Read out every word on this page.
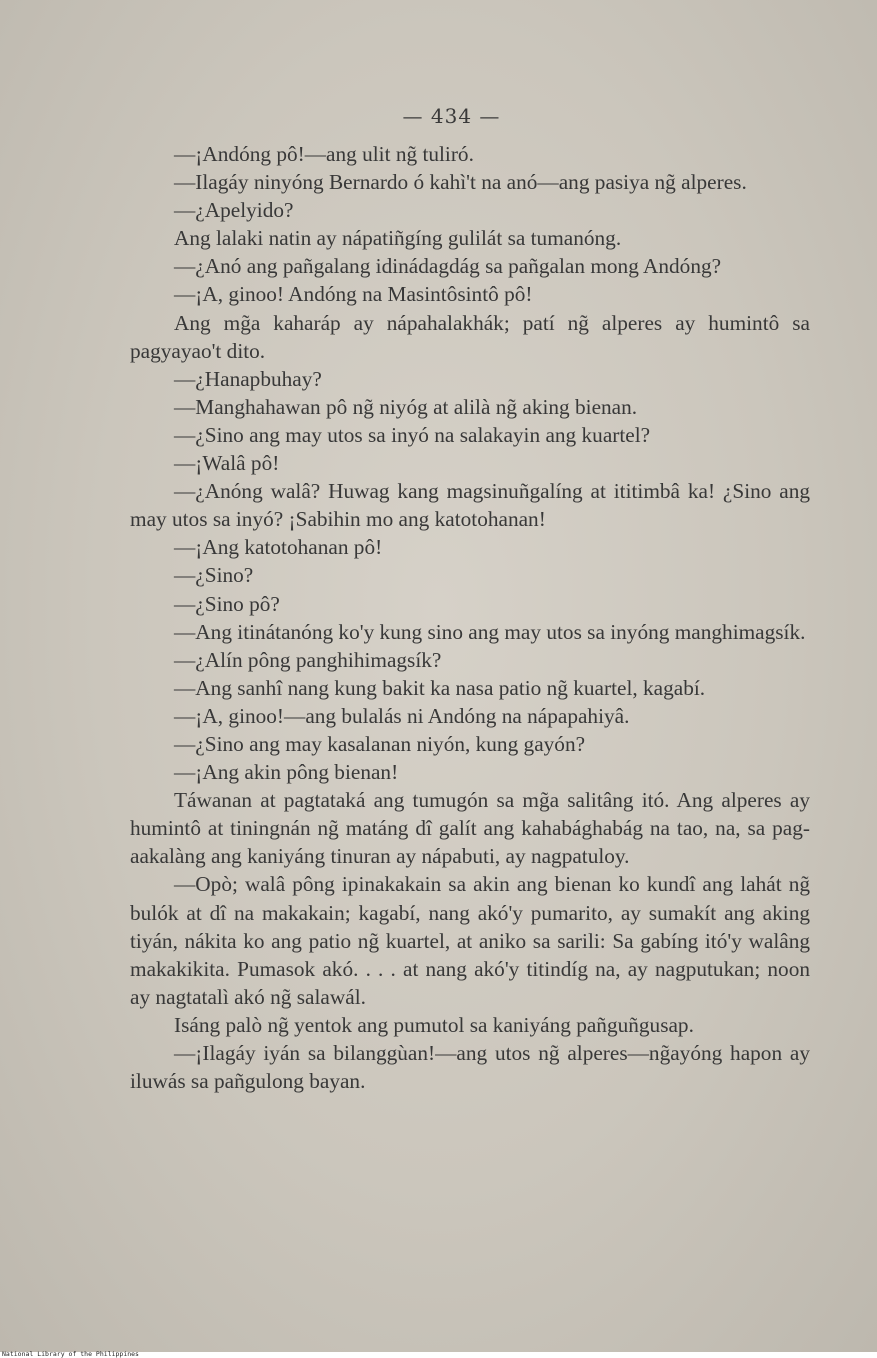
— 434 —

—¡Andóng pô!—ang ulit ng̃ tuliró.

—Ilagáy ninyóng Bernardo ó kahì't na anó—ang pasiya ng̃ alperes.

—¿Apelyido?

Ang lalaki natin ay nápatiñgíng gulilát sa tumanóng.

—¿Anó ang pañgalang idinádagdág sa pañgalan mong Andóng?

—¡A, ginoo! Andóng na Masintôsintô pô!

Ang mg̃a kaharáp ay nápahalakhák; patí ng̃ alperes ay humintô sa pagyayao't dito.

—¿Hanapbuhay?

—Manghahawan pô ng̃ niyóg at alilà ng̃ aking bienan.

—¿Sino ang may utos sa inyó na salakayin ang kuartel?

—¡Walâ pô!

—¿Anóng walâ? Huwag kang magsinuñgalíng at ititimbâ ka! ¿Sino ang may utos sa inyó? ¡Sabihin mo ang katotohanan!

—¡Ang katotohanan pô!

—¿Sino?

—¿Sino pô?

—Ang itinátanóng ko'y kung sino ang may utos sa inyóng manghimagsík.

—¿Alín pông panghihimagsík?

—Ang sanhî nang kung bakit ka nasa patio ng̃ kuartel, kagabí.

—¡A, ginoo!—ang bulalás ni Andóng na nápapahiyâ.

—¿Sino ang may kasalanan niyón, kung gayón?

—¡Ang akin pông bienan!

Táwanan at pagtataká ang tumugón sa mg̃a salitâng itó. Ang alperes ay humintô at tiningnán ng̃ matáng dî galít ang kahabághabág na tao, na, sa pag-aakalàng ang kaniyáng tinuran ay nápabuti, ay nagpatuloy.

—Opò; walâ pông ipinakakain sa akin ang bienan ko kundî ang lahát ng̃ bulók at dî na makakain; kagabí, nang akó'y pumarito, ay sumakít ang aking tiyán, nákita ko ang patio ng̃ kuartel, at aniko sa sarili: Sa gabíng itó'y walâng makakikita. Pumasok akó. . . . at nang akó'y titindíg na, ay nagputukan; noon ay nagtatalì akó ng̃ salawál.

Isáng palò ng̃ yentok ang pumutol sa kaniyáng pañguñgusap.

—¡Ilagáy iyán sa bilanggùan!—ang utos ng̃ alperes—ng̃ayóng hapon ay iluwás sa pañgulong bayan.

National Library of the Philippines
